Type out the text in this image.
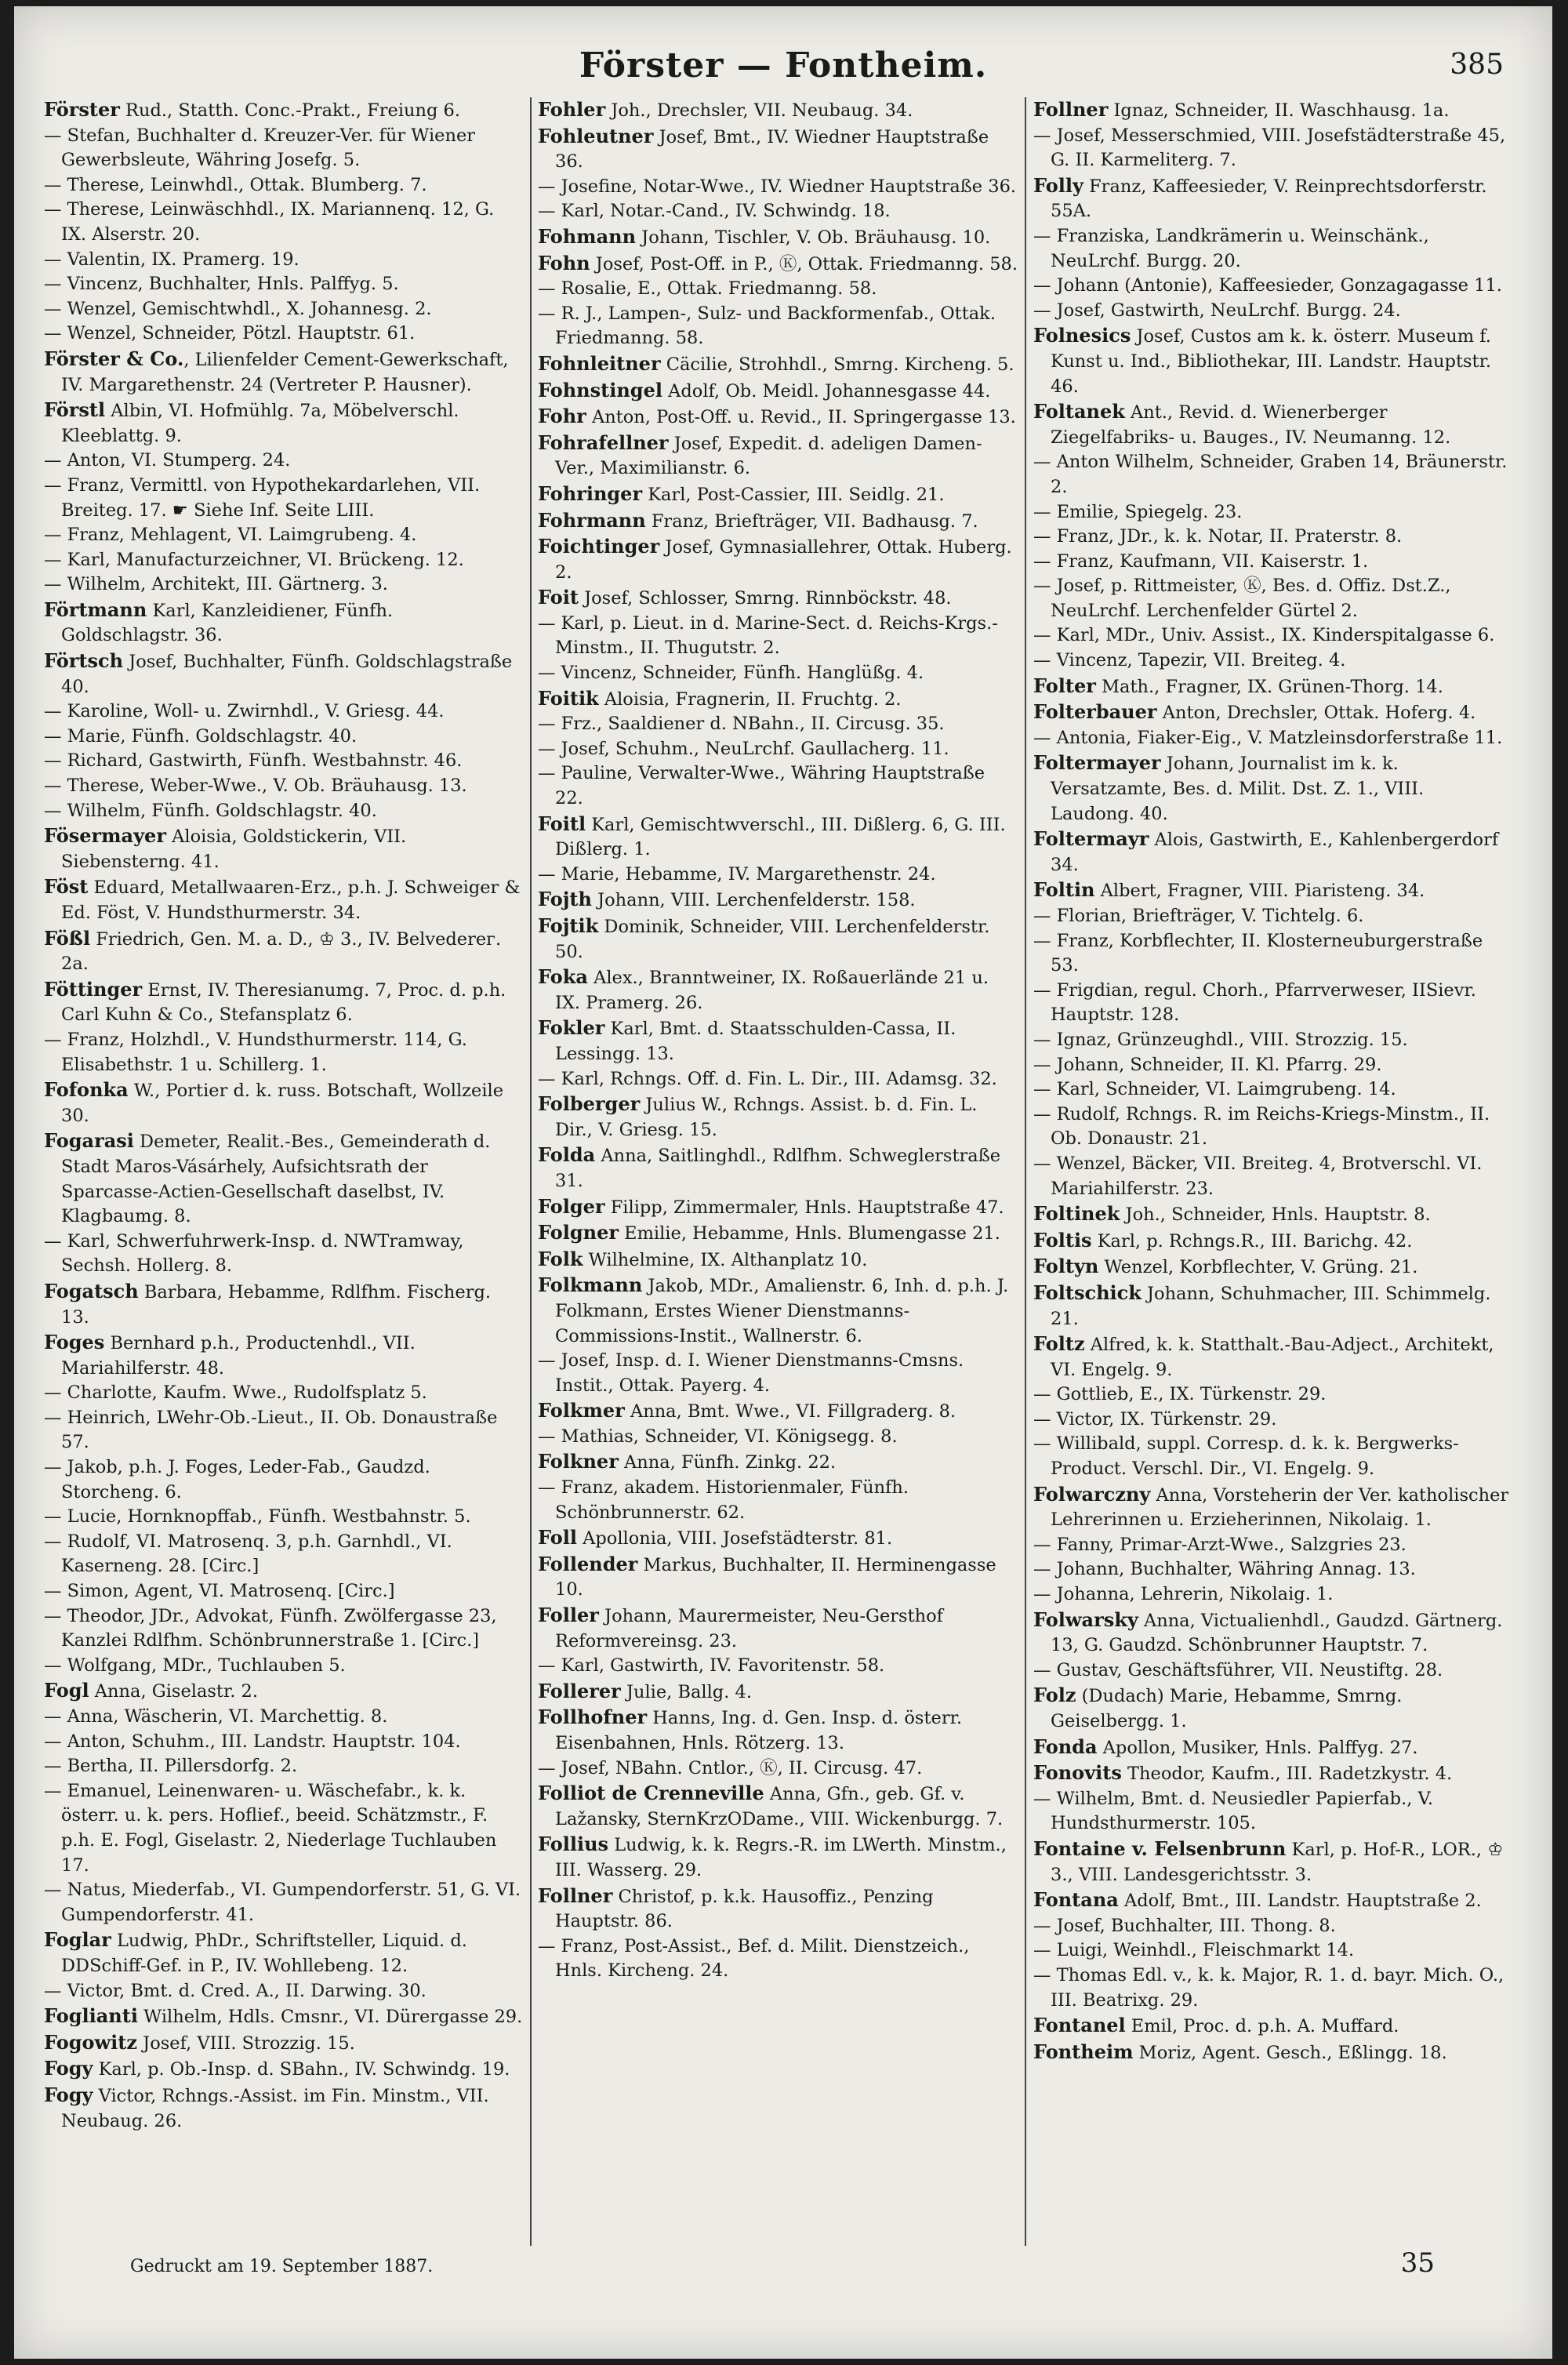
Förster — Fontheim.	385
Förster Rud., Statth. Conc.-Prakt., Freiung 6.
— Stefan, Buchhalter d. Kreuzer-Ver. für Wiener Gewerbsleute, Währing Josefg. 5.
— Therese, Leinwhdl., Ottak. Blumberg. 7.
— Therese, Leinwäschhdl., IX. Mariannenq. 12, G. IX. Alserstr. 20.
— Valentin, IX. Pramerg. 19.
— Vincenz, Buchhalter, Hnls. Palffyg. 5.
— Wenzel, Gemischtwhdl., X. Johannesg. 2.
— Wenzel, Schneider, Pötzl. Hauptstr. 61.
Förster & Co., Lilienfelder Cement-Gewerkschaft, IV. Margarethenstr. 24 (Vertreter P. Hausner).
Förstl Albin, VI. Hofmühlg. 7a, Möbelverschl. Kleeblattg. 9.
— Anton, VI. Stumperg. 24.
— Franz, Vermittl. von Hypothekardarlehen, VII. Breiteg. 17. ☛ Siehe Inf. Seite LIII.
— Franz, Mehlagent, VI. Laimgrubeng. 4.
— Karl, Manufacturzeichner, VI. Brückeng. 12.
— Wilhelm, Architekt, III. Gärtnerg. 3.
Förtmann Karl, Kanzleidiener, Fünfh. Goldschlagstr. 36.
Förtsch Josef, Buchhalter, Fünfh. Goldschlagstraße 40.
— Karoline, Woll- u. Zwirnhdl., V. Griesg. 44.
— Marie, Fünfh. Goldschlagstr. 40.
— Richard, Gastwirth, Fünfh. Westbahnstr. 46.
— Therese, Weber-Wwe., V. Ob. Bräuhausg. 13.
— Wilhelm, Fünfh. Goldschlagstr. 40.
Fösermayer Aloisia, Goldstickerin, VII. Siebensterng. 41.
Föst Eduard, Metallwaaren-Erz., p.h. J. Schweiger & Ed. Föst, V. Hundsthurmerstr. 34.
Fößl Friedrich, Gen. M. a. D., ♔ 3., IV. Belvederег. 2a.
Föttinger Ernst, IV. Theresianumg. 7, Proc. d. p.h. Carl Kuhn & Co., Stefansplatz 6.
— Franz, Holzhdl., V. Hundsthurmerstr. 114, G. Elisabethstr. 1 u. Schillerg. 1.
Fofonka W., Portier d. k. russ. Botschaft, Wollzeile 30.
Fogarasi Demeter, Realit.-Bes., Gemeinderath d. Stadt Maros-Vásárhely, Aufsichtsrath der Sparcasse-Actien-Gesellschaft daselbst, IV. Klagbaumg. 8.
— Karl, Schwerfuhrwerk-Insp. d. NWTramway, Sechsh. Hollerg. 8.
Fogatsch Barbara, Hebamme, Rdlfhm. Fischerg. 13.
Foges Bernhard p.h., Productenhdl., VII. Mariahilferstr. 48.
— Charlotte, Kaufm. Wwe., Rudolfsplatz 5.
— Heinrich, LWehr-Ob.-Lieut., II. Ob. Donaustraße 57.
— Jakob, p.h. J. Foges, Leder-Fab., Gaudzd. Storcheng. 6.
— Lucie, Hornknopffab., Fünfh. Westbahnstr. 5.
— Rudolf, VI. Matrosenq. 3, p.h. Garnhdl., VI. Kaserneng. 28. [Circ.]
— Simon, Agent, VI. Matrosenq. [Circ.]
— Theodor, JDr., Advokat, Fünfh. Zwölfergasse 23, Kanzlei Rdlfhm. Schönbrunnerstraße 1. [Circ.]
— Wolfgang, MDr., Tuchlauben 5.
Fogl Anna, Giselastr. 2.
— Anna, Wäscherin, VI. Marchettig. 8.
— Anton, Schuhm., III. Landstr. Hauptstr. 104.
— Bertha, II. Pillersdorfg. 2.
— Emanuel, Leinenwaren- u. Wäschefabr., k. k. österr. u. k. pers. Hoflief., beeid. Schätzmstr., F. p.h. E. Fogl, Giselastr. 2, Niederlage Tuchlauben 17.
— Natus, Miederfab., VI. Gumpendorferstr. 51, G. VI. Gumpendorferstr. 41.
Foglar Ludwig, PhDr., Schriftsteller, Liquid. d. DDSchiff-Gef. in P., IV. Wohllebeng. 12.
— Victor, Bmt. d. Cred. A., II. Darwing. 30.
Foglianti Wilhelm, Hdls. Cmsnr., VI. Dürergasse 29.
Fogowitz Josef, VIII. Strozzig. 15.
Fogy Karl, p. Ob.-Insp. d. SBahn., IV. Schwindg. 19.
Fogy Victor, Rchngs.-Assist. im Fin. Minstm., VII. Neubaug. 26.
Fohler Joh., Drechsler, VII. Neubaug. 34.
Fohleutner Josef, Bmt., IV. Wiedner Hauptstraße 36.
— Josefine, Notar-Wwe., IV. Wiedner Hauptstraße 36.
— Karl, Notar.-Cand., IV. Schwindg. 18.
Fohmann Johann, Tischler, V. Ob. Bräuhausg. 10.
Fohn Josef, Post-Off. in P., Ⓚ, Ottak. Friedmanng. 58.
— Rosalie, E., Ottak. Friedmanng. 58.
— R. J., Lampen-, Sulz- und Backformenfab., Ottak. Friedmanng. 58.
Fohnleitner Cäcilie, Strohhdl., Smrng. Kircheng. 5.
Fohnstingel Adolf, Ob. Meidl. Johannesgasse 44.
Fohr Anton, Post-Off. u. Revid., II. Springergasse 13.
Fohrafellner Josef, Expedit. d. adeligen Damen-Ver., Maximilianstr. 6.
Fohringer Karl, Post-Cassier, III. Seidlg. 21.
Fohrmann Franz, Briefträger, VII. Badhausg. 7.
Foichtinger Josef, Gymnasiallehrer, Ottak. Huberg. 2.
Foit Josef, Schlosser, Smrng. Rinnböckstr. 48.
— Karl, p. Lieut. in d. Marine-Sect. d. Reichs-Krgs.-Minstm., II. Thugutstr. 2.
— Vincenz, Schneider, Fünfh. Hanglüßg. 4.
Foitik Aloisia, Fragnerin, II. Fruchtg. 2.
— Frz., Saaldiener d. NBahn., II. Circusg. 35.
— Josef, Schuhm., NeuLrchf. Gaullacherg. 11.
— Pauline, Verwalter-Wwe., Währing Hauptstraße 22.
Foitl Karl, Gemischtwverschl., III. Dißlerg. 6, G. III. Dißlerg. 1.
— Marie, Hebamme, IV. Margarethenstr. 24.
Fojth Johann, VIII. Lerchenfelderstr. 158.
Fojtik Dominik, Schneider, VIII. Lerchenfelderstr. 50.
Foka Alex., Branntweiner, IX. Roßauerlände 21 u. IX. Pramerg. 26.
Fokler Karl, Bmt. d. Staatsschulden-Cassa, II. Lessingg. 13.
— Karl, Rchngs. Off. d. Fin. L. Dir., III. Adamsg. 32.
Folberger Julius W., Rchngs. Assist. b. d. Fin. L. Dir., V. Griesg. 15.
Folda Anna, Saitlinghdl., Rdlfhm. Schweglerstraße 31.
Folger Filipp, Zimmermaler, Hnls. Hauptstraße 47.
Folgner Emilie, Hebamme, Hnls. Blumengasse 21.
Folk Wilhelmine, IX. Althanplatz 10.
Folkmann Jakob, MDr., Amalienstr. 6, Inh. d. p.h. J. Folkmann, Erstes Wiener Dienstmanns-Commissions-Instit., Wallnerstr. 6.
— Josef, Insp. d. I. Wiener Dienstmanns-Cmsns. Instit., Ottak. Payerg. 4.
Folkmer Anna, Bmt. Wwe., VI. Fillgraderg. 8.
— Mathias, Schneider, VI. Königsegg. 8.
Folkner Anna, Fünfh. Zinkg. 22.
— Franz, akadem. Historienmaler, Fünfh. Schönbrunnerstr. 62.
Foll Apollonia, VIII. Josefstädterstr. 81.
Follender Markus, Buchhalter, II. Herminengasse 10.
Foller Johann, Maurermeister, Neu-Gersthof Reformvereinsg. 23.
— Karl, Gastwirth, IV. Favoritenstr. 58.
Follerer Julie, Ballg. 4.
Follhofner Hanns, Ing. d. Gen. Insp. d. österr. Eisenbahnen, Hnls. Rötzerg. 13.
— Josef, NBahn. Cntlor., Ⓚ, II. Circusg. 47.
Folliot de Crenneville Anna, Gfn., geb. Gf. v. Lažansky, SternKrzODame., VIII. Wickenburgg. 7.
Follius Ludwig, k. k. Regrs.-R. im LWerth. Minstm., III. Wasserg. 29.
Follner Christof, p. k.k. Hausoffiz., Penzing Hauptstr. 86.
— Franz, Post-Assist., Bef. d. Milit. Dienstzeich., Hnls. Kircheng. 24.
Follner Ignaz, Schneider, II. Waschhausg. 1a.
— Josef, Messerschmied, VIII. Josefstädterstraße 45, G. II. Karmeliterg. 7.
Folly Franz, Kaffeesieder, V. Reinprechtsdorferstr. 55A.
— Franziska, Landkrämerin u. Weinschänk., NeuLrchf. Burgg. 20.
— Johann (Antonie), Kaffeesieder, Gonzagagasse 11.
— Josef, Gastwirth, NeuLrchf. Burgg. 24.
Folnesics Josef, Custos am k. k. österr. Museum f. Kunst u. Ind., Bibliothekar, III. Landstr. Hauptstr. 46.
Foltanek Ant., Revid. d. Wienerberger Ziegelfabriks- u. Bauges., IV. Neumanng. 12.
— Anton Wilhelm, Schneider, Graben 14, Bräunerstr. 2.
— Emilie, Spiegelg. 23.
— Franz, JDr., k. k. Notar, II. Praterstr. 8.
— Franz, Kaufmann, VII. Kaiserstr. 1.
— Josef, p. Rittmeister, Ⓚ, Bes. d. Offiz. Dst.Z., NeuLrchf. Lerchenfelder Gürtel 2.
— Karl, MDr., Univ. Assist., IX. Kinderspitalgasse 6.
— Vincenz, Tapezir, VII. Breiteg. 4.
Folter Math., Fragner, IX. Grünen-Thorg. 14.
Folterbauer Anton, Drechsler, Ottak. Hoferg. 4.
— Antonia, Fiaker-Eig., V. Matzleinsdorferstraße 11.
Foltermayer Johann, Journalist im k. k. Versatzamte, Bes. d. Milit. Dst. Z. 1., VIII. Laudong. 40.
Foltermayr Alois, Gastwirth, E., Kahlenbergerdorf 34.
Foltin Albert, Fragner, VIII. Piaristeng. 34.
— Florian, Briefträger, V. Tichtelg. 6.
— Franz, Korbflechter, II. Klosterneuburgerstraße 53.
— Frigdian, regul. Chorh., Pfarrverweser, IISievr. Hauptstr. 128.
— Ignaz, Grünzeughdl., VIII. Strozzig. 15.
— Johann, Schneider, II. Kl. Pfarrg. 29.
— Karl, Schneider, VI. Laimgrubeng. 14.
— Rudolf, Rchngs. R. im Reichs-Kriegs-Minstm., II. Ob. Donaustr. 21.
— Wenzel, Bäcker, VII. Breiteg. 4, Brotverschl. VI. Mariahilferstr. 23.
Foltinek Joh., Schneider, Hnls. Hauptstr. 8.
Foltis Karl, p. Rchngs.R., III. Barichg. 42.
Foltyn Wenzel, Korbflechter, V. Grüng. 21.
Foltschick Johann, Schuhmacher, III. Schimmelg. 21.
Foltz Alfred, k. k. Statthalt.-Bau-Adject., Architekt, VI. Engelg. 9.
— Gottlieb, E., IX. Türkenstr. 29.
— Victor, IX. Türkenstr. 29.
— Willibald, suppl. Corresp. d. k. k. Bergwerks-Product. Verschl. Dir., VI. Engelg. 9.
Folwarczny Anna, Vorsteherin der Ver. katholischer Lehrerinnen u. Erzieherinnen, Nikolaig. 1.
— Fanny, Primar-Arzt-Wwe., Salzgries 23.
— Johann, Buchhalter, Währing Annag. 13.
— Johanna, Lehrerin, Nikolaig. 1.
Folwarsky Anna, Victualienhdl., Gaudzd. Gärtnerg. 13, G. Gaudzd. Schönbrunner Hauptstr. 7.
— Gustav, Geschäftsführer, VII. Neustiftg. 28.
Folz (Dudach) Marie, Hebamme, Smrng. Geiselbergg. 1.
Fonda Apollon, Musiker, Hnls. Palffyg. 27.
Fonovits Theodor, Kaufm., III. Radetzkystr. 4.
— Wilhelm, Bmt. d. Neusiedler Papierfab., V. Hundsthurmerstr. 105.
Fontaine v. Felsenbrunn Karl, p. Hof-R., LOR., ♔ 3., VIII. Landesgerichtsstr. 3.
Fontana Adolf, Bmt., III. Landstr. Hauptstraße 2.
— Josef, Buchhalter, III. Thong. 8.
— Luigi, Weinhdl., Fleischmarkt 14.
— Thomas Edl. v., k. k. Major, R. 1. d. bayr. Mich. O., III. Beatrixg. 29.
Fontanel Emil, Proc. d. p.h. A. Muffard.
Fontheim Moriz, Agent. Gesch., Eßlingg. 18.
Gedruckt am 19. September 1887.	35
